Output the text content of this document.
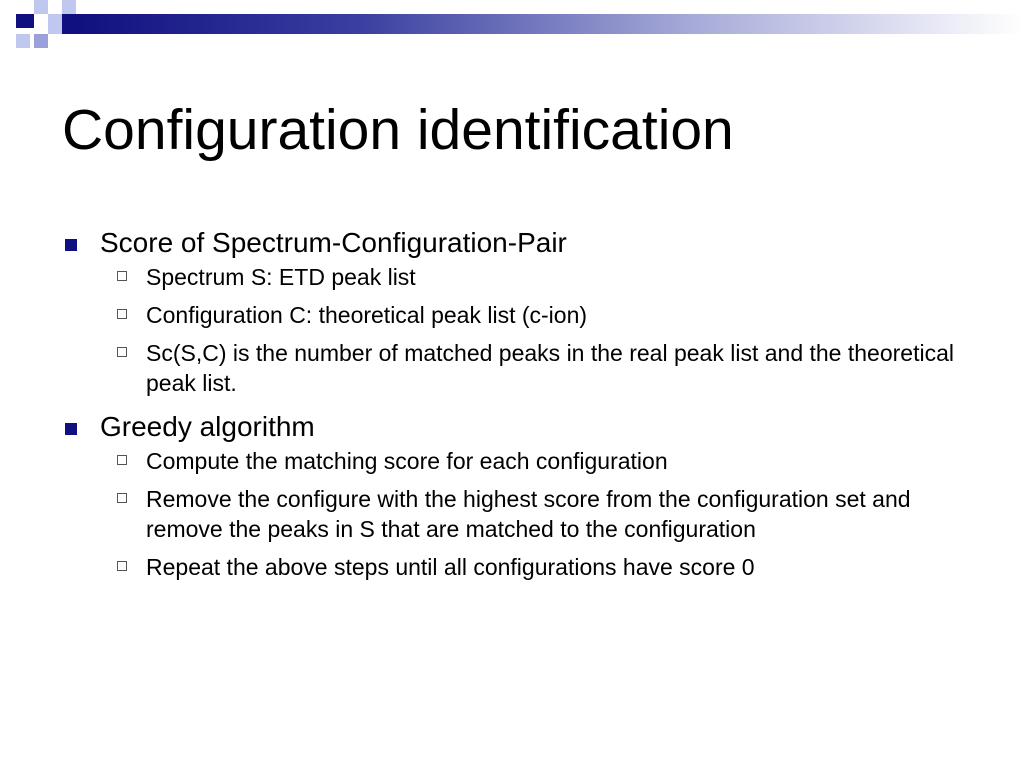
Configuration identification
Score of Spectrum-Configuration-Pair
Spectrum S: ETD peak list
Configuration C: theoretical peak list (c-ion)
Sc(S,C) is the number of matched peaks in the real peak list and the theoretical peak list.
Greedy algorithm
Compute the matching score for each configuration
Remove the configure with the highest score from the configuration set and remove the peaks in S that are matched to the configuration
Repeat the above steps until all configurations have score 0
